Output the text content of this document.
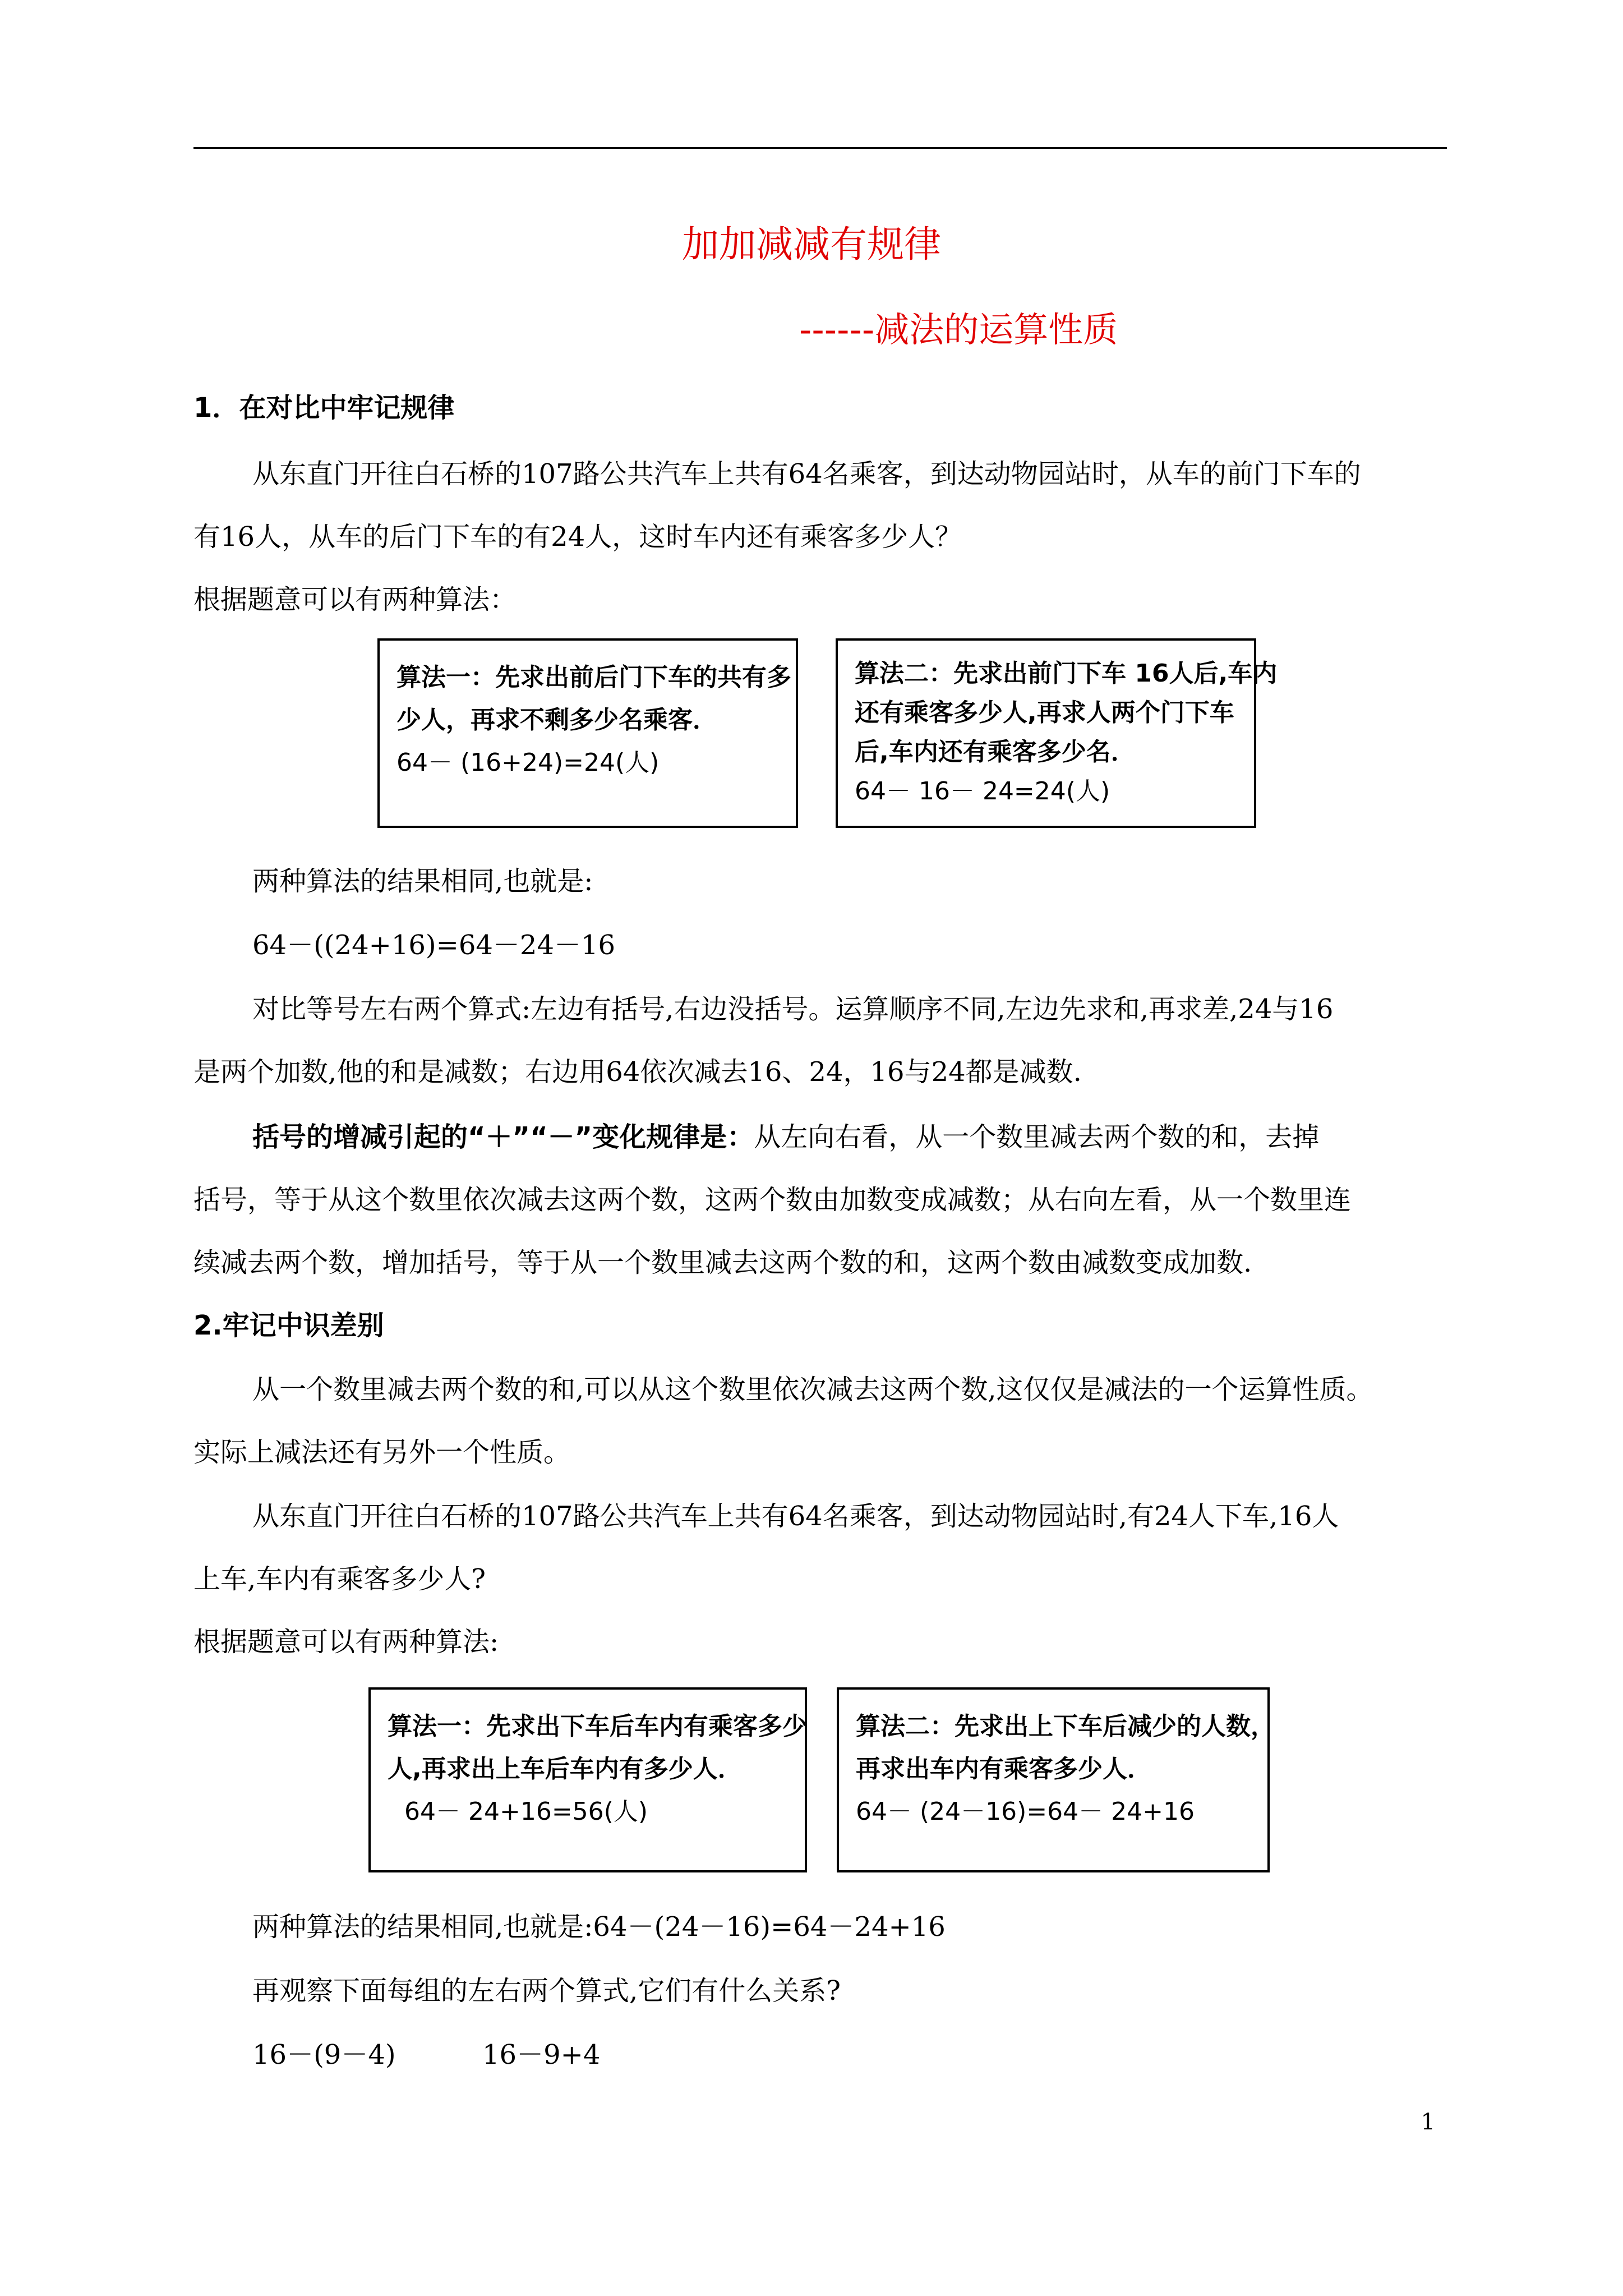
加加减减有规律
------减法的运算性质
1．在对比中牢记规律
从东直门开往白石桥的107路公共汽车上共有64名乘客，到达动物园站时，从车的前门下车的
有16人，从车的后门下车的有24人，这时车内还有乘客多少人？
根据题意可以有两种算法：
算法一：先求出前后门下车的共有多
少人，再求不剩多少名乘客．
64－ (16+24)=24(人)
算法二：先求出前门下车 16人后,车内
还有乘客多少人,再求人两个门下车
后,车内还有乘客多少名．
64－ 16－ 24=24(人)
两种算法的结果相同,也就是:
64－((24+16)=64－24－16
对比等号左右两个算式:左边有括号,右边没括号。运算顺序不同,左边先求和,再求差,24与16
是两个加数,他的和是减数；右边用64依次减去16、24，16与24都是减数.
括号的增减引起的“＋”“－”变化规律是：从左向右看，从一个数里减去两个数的和，去掉
括号，等于从这个数里依次减去这两个数，这两个数由加数变成减数；从右向左看，从一个数里连
续减去两个数，增加括号，等于从一个数里减去这两个数的和，这两个数由减数变成加数.
2.牢记中识差别
从一个数里减去两个数的和,可以从这个数里依次减去这两个数,这仅仅是减法的一个运算性质。
实际上减法还有另外一个性质。
从东直门开往白石桥的107路公共汽车上共有64名乘客，到达动物园站时,有24人下车,16人
上车,车内有乘客多少人?
根据题意可以有两种算法:
算法一：先求出下车后车内有乘客多少
人,再求出上车后车内有多少人．
64－ 24+16=56(人)
算法二：先求出上下车后减少的人数，
再求出车内有乘客多少人．
64－ (24－16)=64－ 24+16
两种算法的结果相同,也就是:64－(24－16)=64－24+16
再观察下面每组的左右两个算式,它们有什么关系?
16－(9－4)	16－9+4
1
